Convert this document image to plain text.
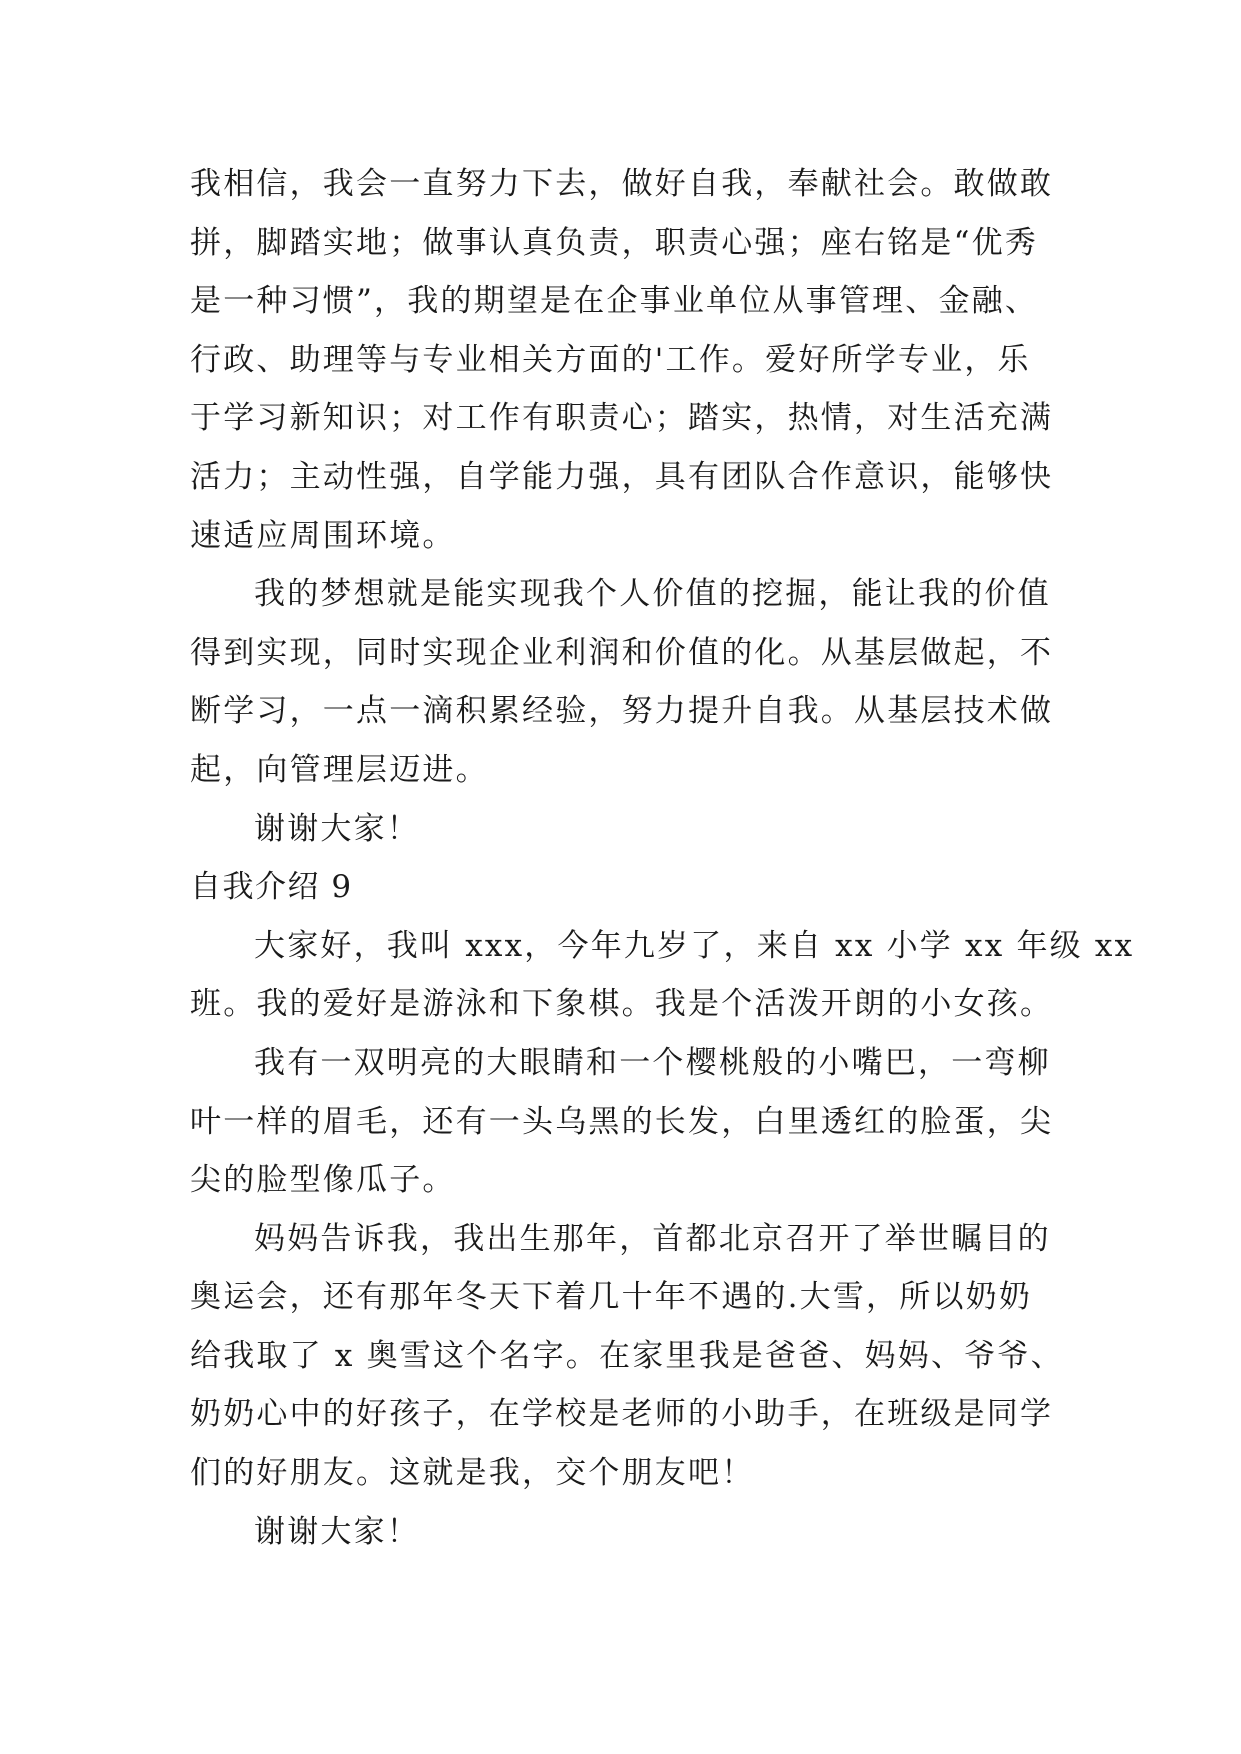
我相信，我会一直努力下去，做好自我，奉献社会。敢做敢
拼，脚踏实地；做事认真负责，职责心强；座右铭是“优秀
是一种习惯”，我的期望是在企事业单位从事管理、金融、
行政、助理等与专业相关方面的'工作。爱好所学专业，乐
于学习新知识；对工作有职责心；踏实，热情，对生活充满
活力；主动性强，自学能力强，具有团队合作意识，能够快
速适应周围环境。
我的梦想就是能实现我个人价值的挖掘，能让我的价值
得到实现，同时实现企业利润和价值的化。从基层做起，不
断学习，一点一滴积累经验，努力提升自我。从基层技术做
起，向管理层迈进。
谢谢大家！
自我介绍 9
大家好，我叫 xxx，今年九岁了，来自 xx 小学 xx 年级 xx
班。我的爱好是游泳和下象棋。我是个活泼开朗的小女孩。
我有一双明亮的大眼睛和一个樱桃般的小嘴巴，一弯柳
叶一样的眉毛，还有一头乌黑的长发，白里透红的脸蛋，尖
尖的脸型像瓜子。
妈妈告诉我，我出生那年，首都北京召开了举世瞩目的
奥运会，还有那年冬天下着几十年不遇的.大雪，所以奶奶
给我取了 x 奥雪这个名字。在家里我是爸爸、妈妈、爷爷、
奶奶心中的好孩子，在学校是老师的小助手，在班级是同学
们的好朋友。这就是我，交个朋友吧！
谢谢大家！
